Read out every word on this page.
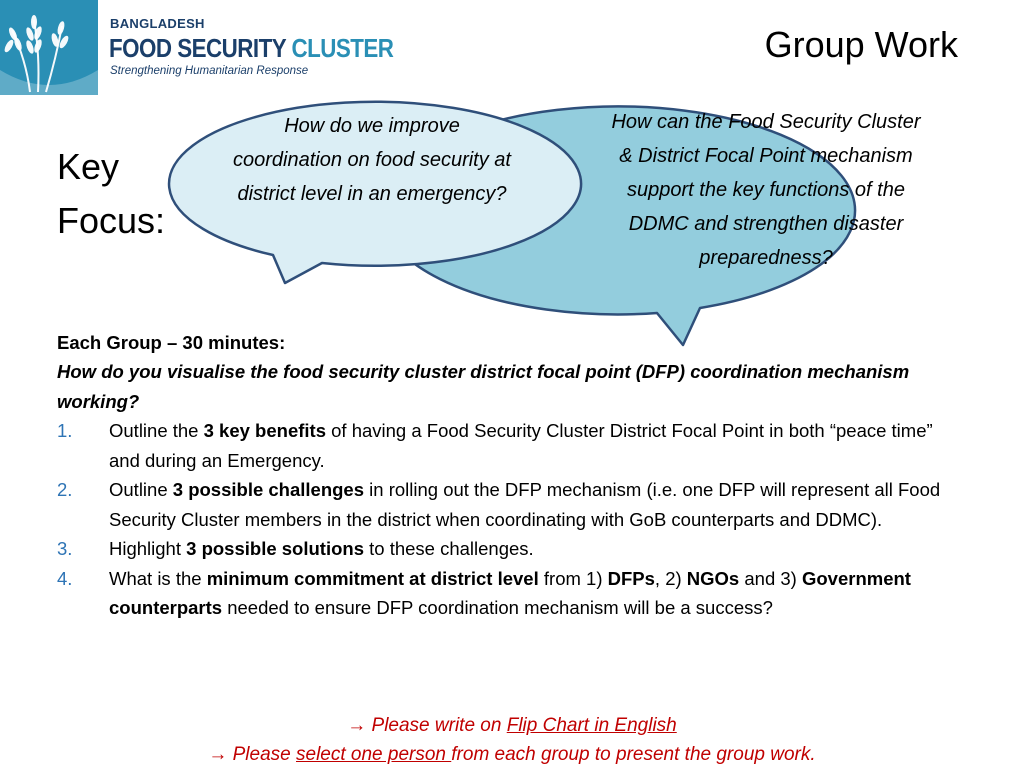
BANGLADESH
FOOD SECURITY CLUSTER
Strengthening Humanitarian Response
Group Work
Key
Focus:
How do we improve coordination on food security at district level in an emergency?
How can the Food Security Cluster & District Focal Point mechanism support the key functions of the DDMC and strengthen disaster preparedness?
Each Group – 30 minutes:
How do you visualise the food security cluster district focal point (DFP) coordination mechanism working?
1. Outline the 3 key benefits of having a Food Security Cluster District Focal Point in both “peace time” and during an Emergency.
2. Outline 3 possible challenges in rolling out the DFP mechanism (i.e. one DFP will represent all Food Security Cluster members in the district when coordinating with GoB counterparts and DDMC).
3. Highlight 3 possible solutions to these challenges.
4. What is the minimum commitment at district level from 1) DFPs, 2) NGOs and 3) Government counterparts needed to ensure DFP coordination mechanism will be a success?
→ Please write on Flip Chart in English
→ Please select one person from each group to present the group work.
